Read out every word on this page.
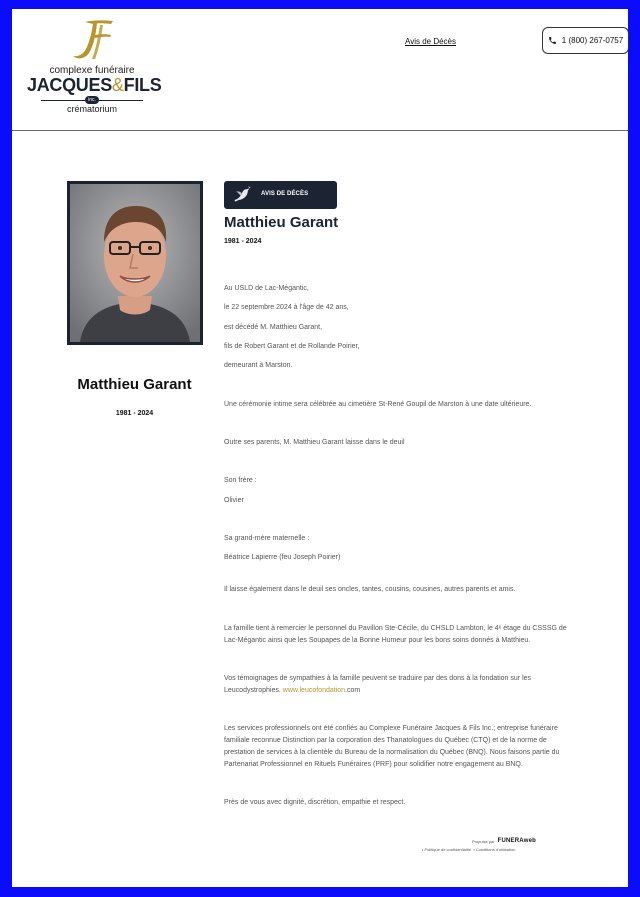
complexe funéraire
JACQUES&FILS
inc.
crématorium
Avis de Décès	1 (800) 267-0757
Matthieu Garant
1981 - 2024
AVIS DE DÉCÈS
Matthieu Garant
1981 - 2024
Au USLD de Lac-Mégantic,
le 22 septembre 2024 à l'âge de 42 ans,
est décédé M. Matthieu Garant,
fils de Robert Garant et de Rollande Poirier,
demeurant à Marston.
Une cérémonie intime sera célébrée au cimetière St-René Goupil de Marston à une date ultérieure.
Outre ses parents, M. Matthieu Garant laisse dans le deuil
Son frère :
Olivier
Sa grand-mère maternelle :
Béatrice Lapierre (feu Joseph Poirier)
Il laisse également dans le deuil ses oncles, tantes, cousins, cousines, autres parents et amis.
La famille tient à remercier le personnel du Pavillon Ste-Cécile, du CHSLD Lambton, le 4ᵉ étage du CSSSG de Lac-Mégantic ainsi que les Soupapes de la Bonne Humeur pour les bons soins donnés à Matthieu.
Vos témoignages de sympathies à la famille peuvent se traduire par des dons à la fondation sur les Leucodystrophies. www.leucofondation.com
Les services professionnels ont été confiés au Complexe Funéraire Jacques & Fils Inc.; entreprise funéraire familiale reconnue Distinction par la corporation des Thanatologues du Québec (CTQ) et de la norme de prestation de services à la clientèle du Bureau de la normalisation du Québec (BNQ). Nous faisons partie du Partenariat Professionnel en Rituels Funéraires (PRF) pour solidifier notre engagement au BNQ.
Près de vous avec dignité, discrétion, empathie et respect.
Propulsé par FUNERAweb
• Politique de confidentialité  • Conditions d'utilisation
